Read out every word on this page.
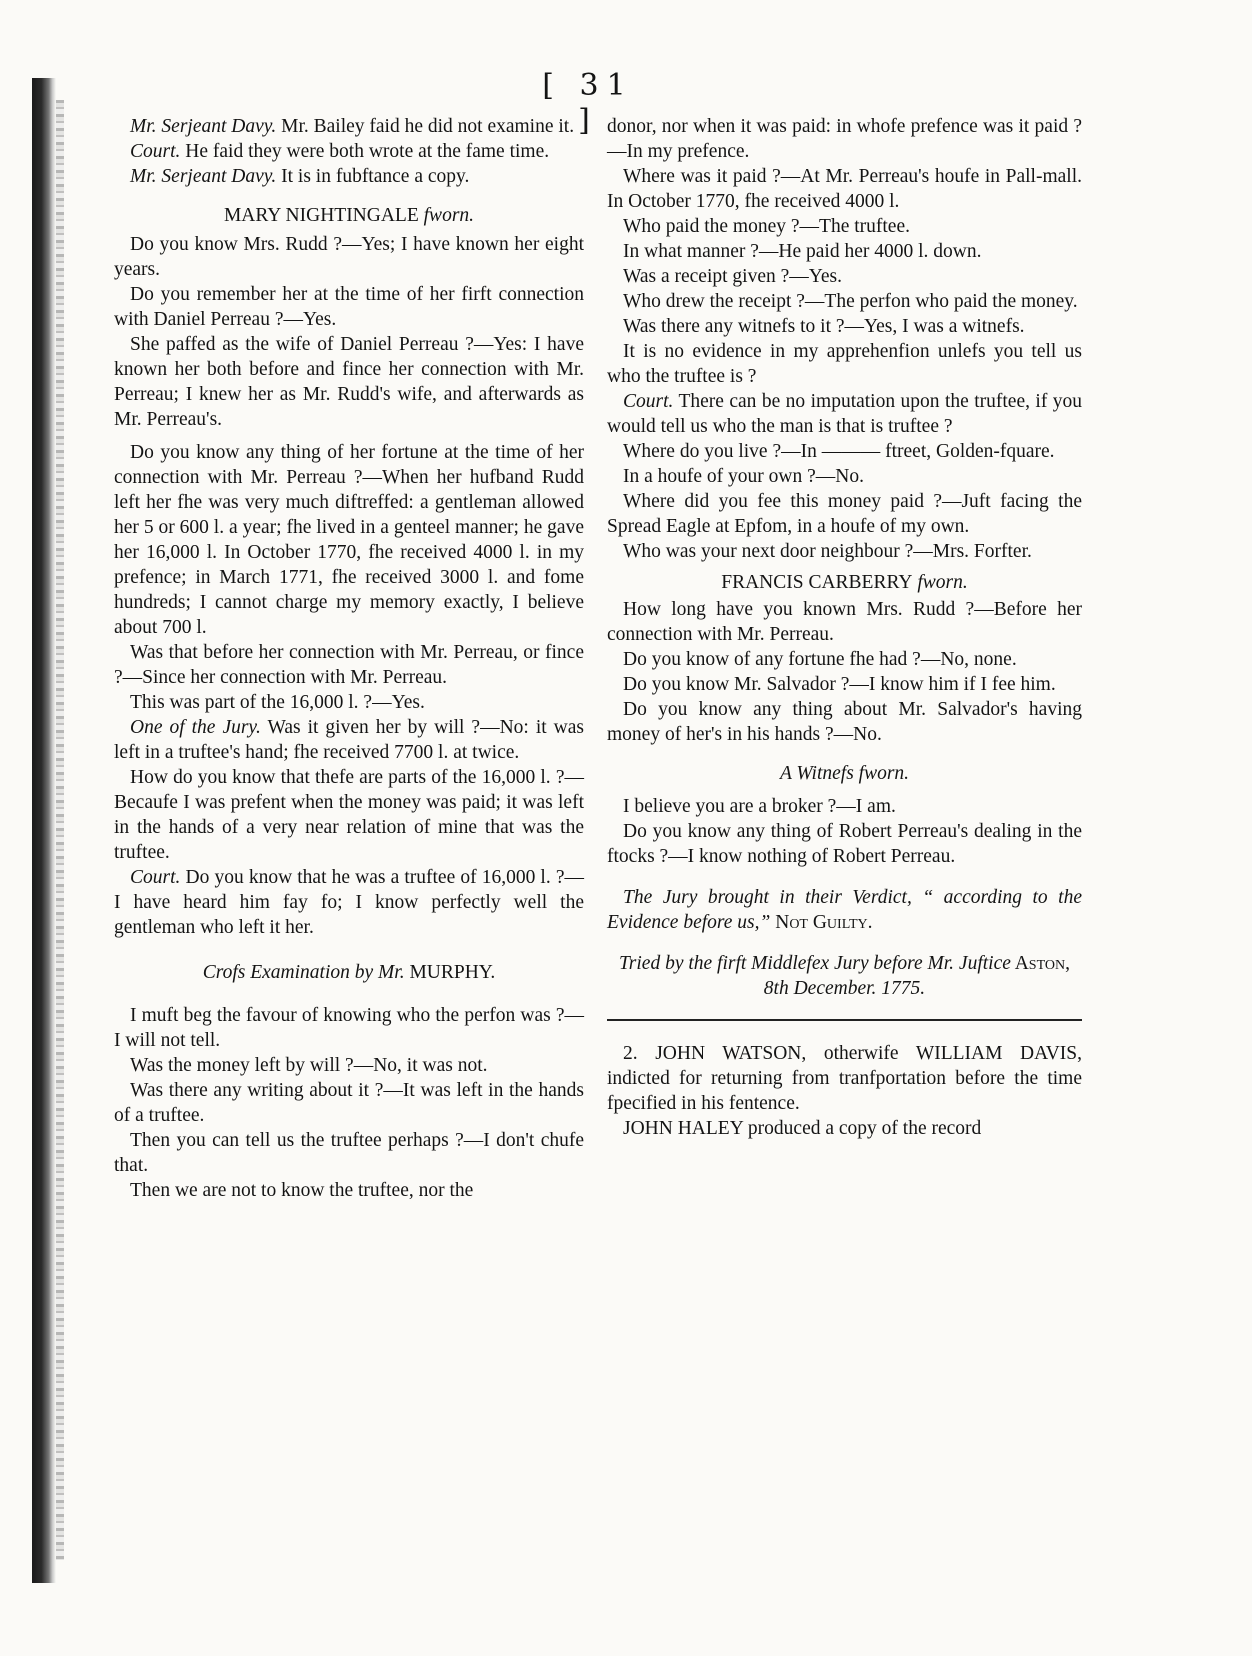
[ 31 ]

Mr. Serjeant Davy. Mr. Bailey faid he did not examine it.

Court. He faid they were both wrote at the fame time.

Mr. Serjeant Davy. It is in fubftance a copy.

MARY NIGHTINGALE fworn.

Do you know Mrs. Rudd ?—Yes; I have known her eight years.

Do you remember her at the time of her firft connection with Daniel Perreau ?—Yes.

She paffed as the wife of Daniel Perreau ?—Yes: I have known her both before and fince her connection with Mr. Perreau; I knew her as Mr. Rudd's wife, and afterwards as Mr. Perreau's.

Do you know any thing of her fortune at the time of her connection with Mr. Perreau ?—When her hufband Rudd left her fhe was very much diftreffed: a gentleman allowed her 5 or 600 l. a year; fhe lived in a genteel manner; he gave her 16,000 l. In October 1770, fhe received 4000 l. in my prefence; in March 1771, fhe received 3000 l. and fome hundreds; I cannot charge my memory exactly, I believe about 700 l.

Was that before her connection with Mr. Perreau, or fince ?—Since her connection with Mr. Perreau.

This was part of the 16,000 l. ?—Yes.

One of the Jury. Was it given her by will ?—No: it was left in a truftee's hand; fhe received 7700 l. at twice.

How do you know that thefe are parts of the 16,000 l. ?—Becaufe I was prefent when the money was paid; it was left in the hands of a very near relation of mine that was the truftee.

Court. Do you know that he was a truftee of 16,000 l. ?—I have heard him fay fo; I know perfectly well the gentleman who left it her.

Crofs Examination by Mr. MURPHY.

I muft beg the favour of knowing who the perfon was ?—I will not tell.

Was the money left by will ?—No, it was not.

Was there any writing about it ?—It was left in the hands of a truftee.

Then you can tell us the truftee perhaps ?—I don't chufe that.

Then we are not to know the truftee, nor the

donor, nor when it was paid: in whofe prefence was it paid ?—In my prefence.

Where was it paid ?—At Mr. Perreau's houfe in Pall-mall. In October 1770, fhe received 4000 l.

Who paid the money ?—The truftee.

In what manner ?—He paid her 4000 l. down.

Was a receipt given ?—Yes.

Who drew the receipt ?—The perfon who paid the money.

Was there any witnefs to it ?—Yes, I was a witnefs.

It is no evidence in my apprehenfion unlefs you tell us who the truftee is ?

Court. There can be no imputation upon the truftee, if you would tell us who the man is that is truftee ?

Where do you live ?—In ——— ftreet, Golden-fquare.

In a houfe of your own ?—No.

Where did you fee this money paid ?—Juft facing the Spread Eagle at Epfom, in a houfe of my own.

Who was your next door neighbour ?—Mrs. Forfter.

FRANCIS CARBERRY fworn.

How long have you known Mrs. Rudd ?—Before her connection with Mr. Perreau.

Do you know of any fortune fhe had ?—No, none.

Do you know Mr. Salvador ?—I know him if I fee him.

Do you know any thing about Mr. Salvador's having money of her's in his hands ?—No.

A Witnefs fworn.

I believe you are a broker ?—I am.

Do you know any thing of Robert Perreau's dealing in the ftocks ?—I know nothing of Robert Perreau.

The Jury brought in their Verdict, “ according to the Evidence before us,” Not Guilty.

Tried by the firft Middlefex Jury before Mr. Juftice Aston, 8th December. 1775.

2. JOHN WATSON, otherwife WILLIAM DAVIS, indicted for returning from tranfportation before the time fpecified in his fentence.

JOHN HALEY produced a copy of the record
